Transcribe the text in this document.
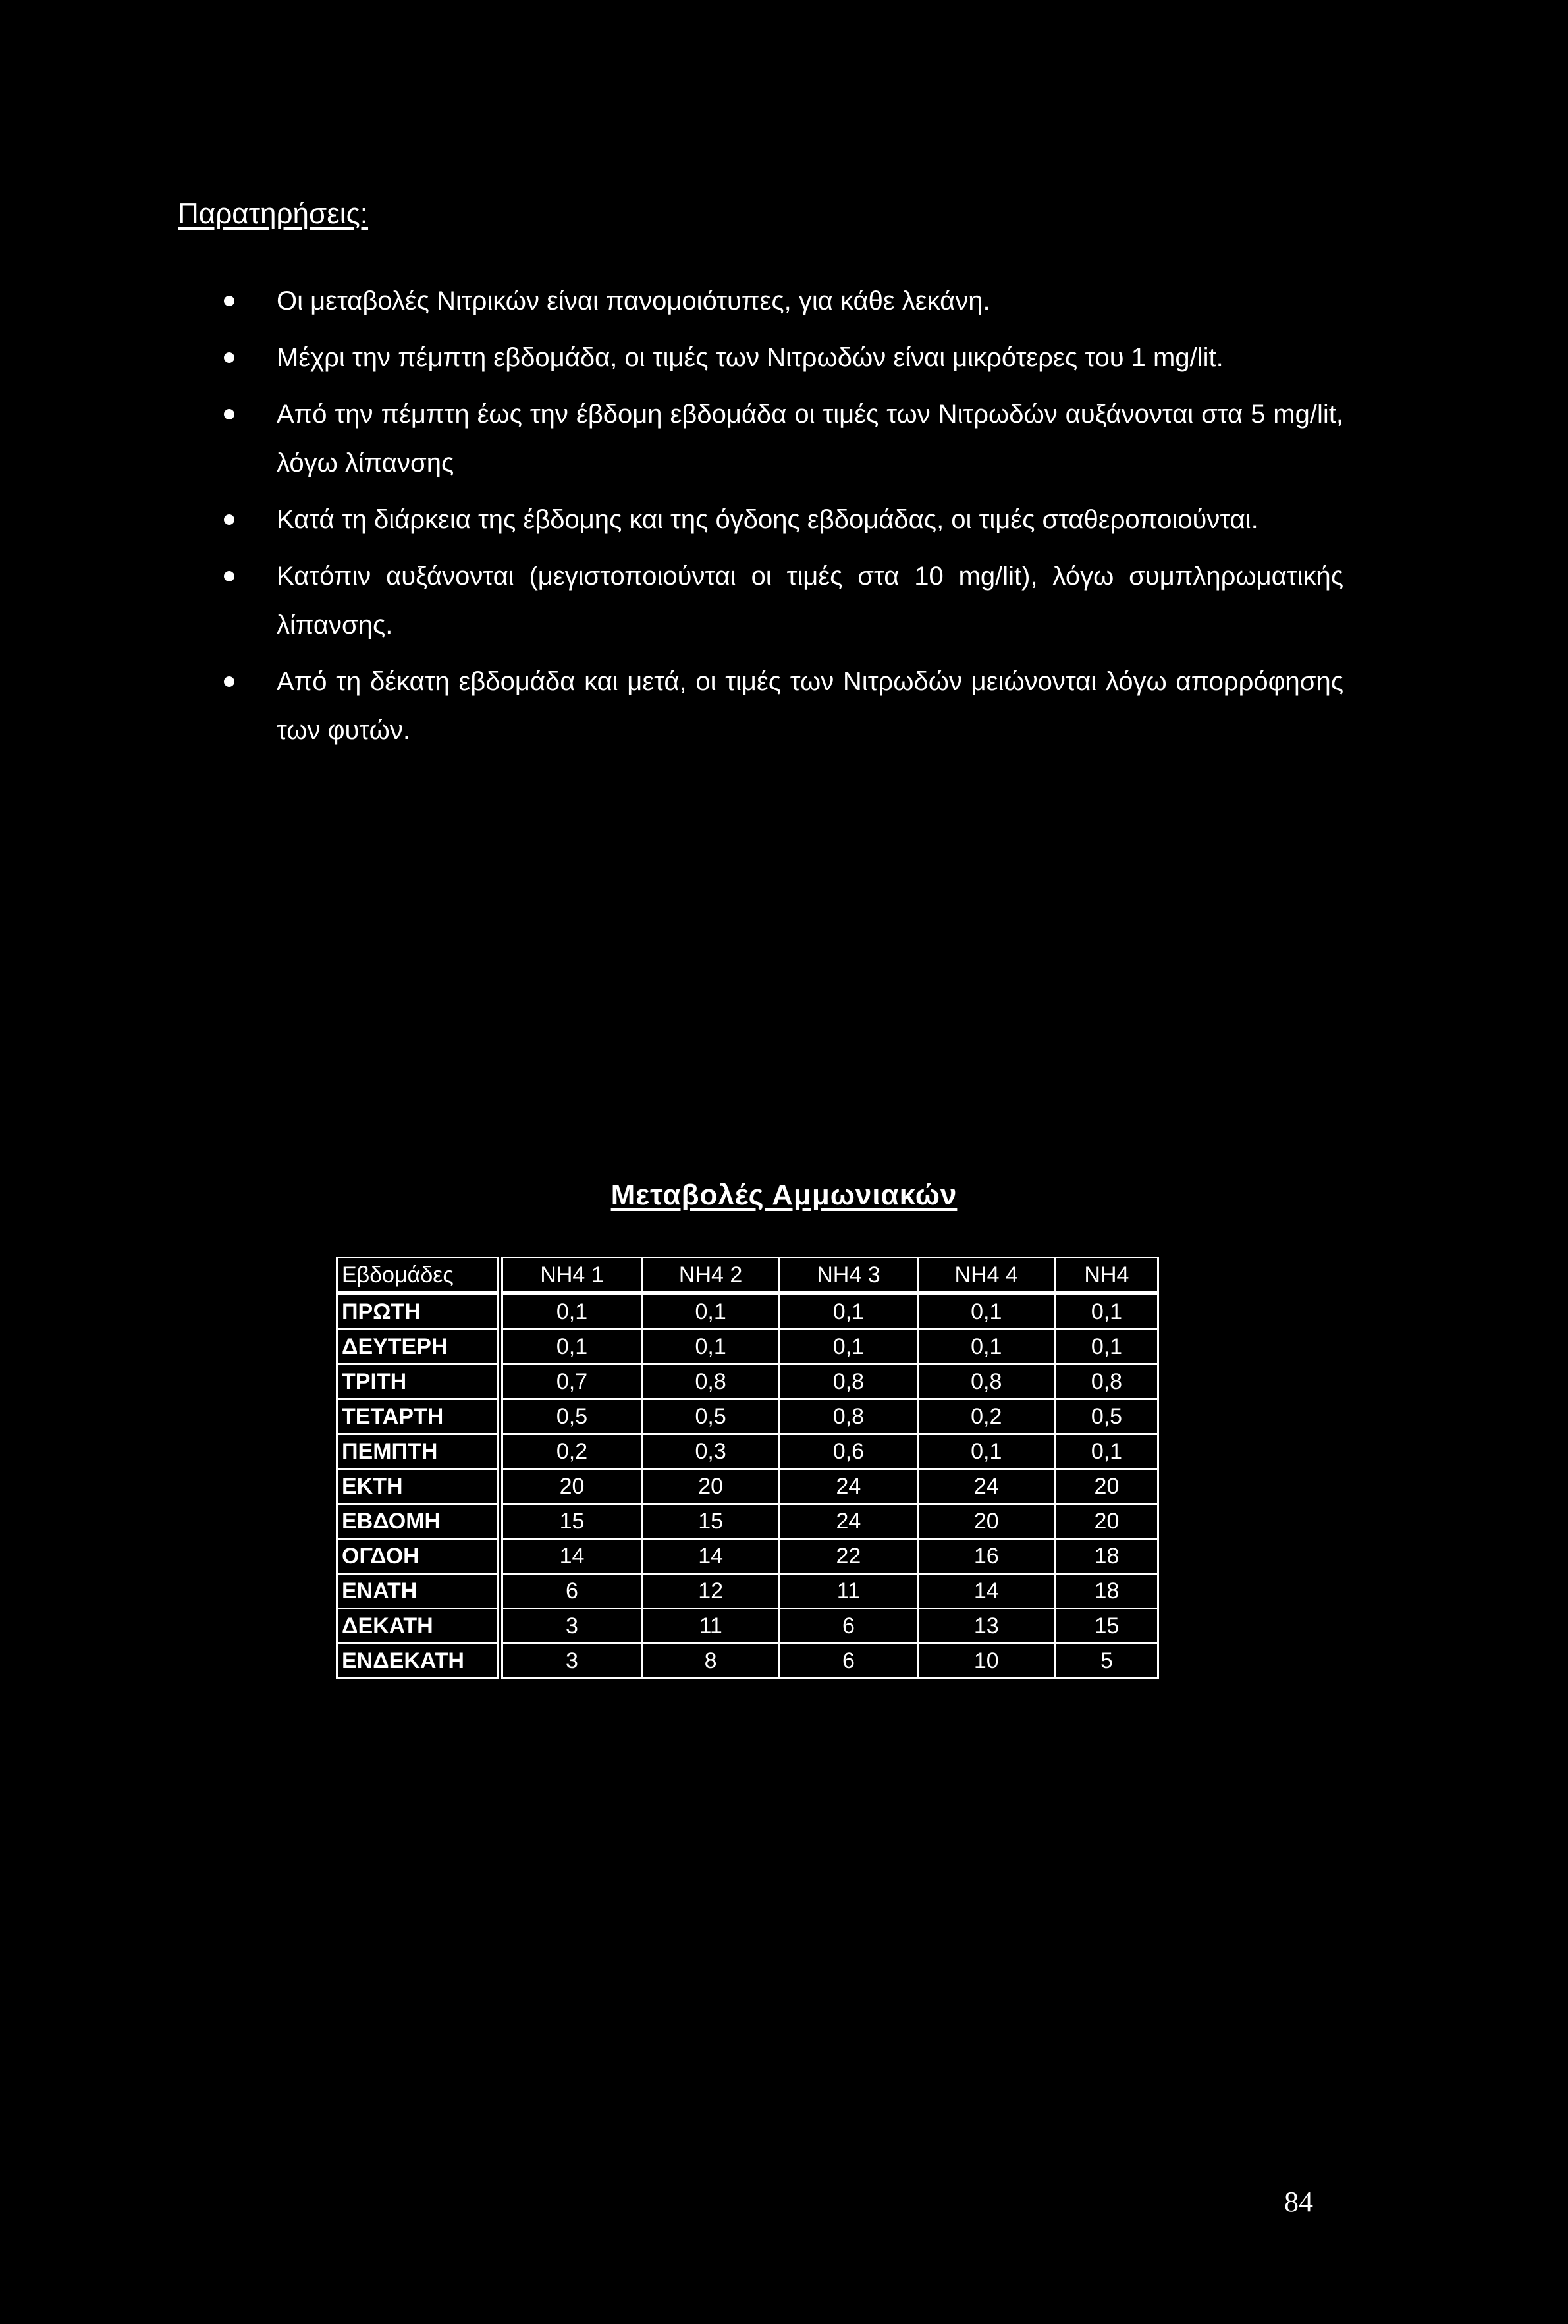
Παρατηρήσεις:
Οι μεταβολές Νιτρικών είναι πανομοιότυπες, για κάθε λεκάνη.
Μέχρι την πέμπτη εβδομάδα, οι τιμές των Νιτρωδών είναι μικρότερες του 1 mg/lit.
Από την πέμπτη έως την έβδομη εβδομάδα οι τιμές των Νιτρωδών αυξάνονται στα 5 mg/lit, λόγω λίπανσης
Κατά τη διάρκεια της έβδομης και της όγδοης εβδομάδας, οι τιμές σταθεροποιούνται.
Κατόπιν αυξάνονται (μεγιστοποιούνται οι τιμές στα 10 mg/lit), λόγω συμπληρωματικής λίπανσης.
Από τη δέκατη εβδομάδα και μετά, οι τιμές των Νιτρωδών μειώνονται λόγω απορρόφησης των φυτών.
Μεταβολές Αμμωνιακών
Εβδομάδες	NH4 1	NH4 2	NH4 3	NH4 4	NH4
ΠΡΩΤΗ	0,1	0,1	0,1	0,1	0,1
ΔΕΥΤΕΡΗ	0,1	0,1	0,1	0,1	0,1
ΤΡΙΤΗ	0,7	0,8	0,8	0,8	0,8
ΤΕΤΑΡΤΗ	0,5	0,5	0,8	0,2	0,5
ΠΕΜΠΤΗ	0,2	0,3	0,6	0,1	0,1
ΕΚΤΗ	20	20	24	24	20
ΕΒΔΟΜΗ	15	15	24	20	20
ΟΓΔΟΗ	14	14	22	16	18
ΕΝΑΤΗ	6	12	11	14	18
ΔΕΚΑΤΗ	3	11	6	13	15
ΕΝΔΕΚΑΤΗ	3	8	6	10	5

84
